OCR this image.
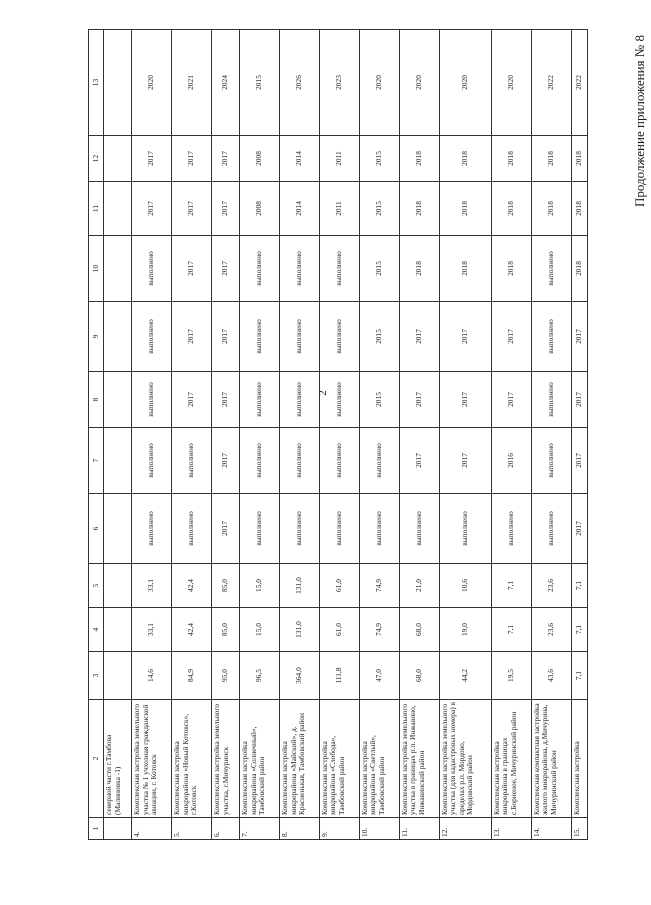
2
Продолжение приложения № 8
1	2	3	4	5	6	7	8	9	10	11	12	13
	северной части г.Тамбова (Малиновка -1)											
4.	Комплексная застройка земельного участка № 1 учхозная гражданской авиации, г. Котовск	14,6	33,1	33,1	выполнено	выполнено	выполнено	выполнено	выполнено	2017	2017	2020
5.	Комплексная застройка микрорайона «Новый Котовск», г.Котовск	84,9	42,4	42,4	выполнено	выполнено	2017	2017	2017	2017	2017	2021
6.	Комплексная застройка земельного участка, г.Мичуринск	95,0	85,0	85,0	2017	2017	2017	2017	2017	2017	2017	2024
7.	Комплексная застройка микрорайона «Солнечный», Тамбовский район	96,5	15,0	15,0	выполнено	выполнено	выполнено	выполнено	выполнено	2008	2008	2015
8.	Комплексная застройка микрорайона «Майский», д. Красненькая, Тамбовский район	364,0	131,0	131,0	выполнено	выполнено	выполнено	выполнено	выполнено	2014	2014	2026
9.	Комплексная застройка микрорайона «Слобода», Тамбовский район	111,8	61,0	61,0	выполнено	выполнено	выполнено	выполнено	выполнено	2011	2011	2023
10.	Комплексная застройка микрорайона «Светлый», Тамбовский район	47,0	74,9	74,9	выполнено	выполнено	2015	2015	2015	2015	2015	2020
11.	Комплексная застройка земельного участка в границах р.п. Инжавино, Инжавинский район	68,0	68,0	21,0	выполнено	2017	2017	2017	2018	2018	2018	2020
12.	Комплексная застройка земельного участка (для кадастровых номера) в пределах р.п. Мордово, Мордовский район	44,2	19,0	10,6	выполнено	2017	2017	2017	2018	2018	2018	2020
13.	Комплексная застройка микрорайона в границах с.Бориеное, Мичуринский район	19,5	7,1	7,1	выполнено	2016	2017	2017	2018	2018	2018	2020
14.	Комплексная компактная застройка жилого микрорайона, д.Мичурина, Мичуринский район	43,6	23,6	23,6	выполнено	выполнено	выполнено	выполнено	выполнено	2018	2018	2022
15.	Комплексная застройка	7,1	7,1	7,1	2017	2017	2017	2017	2018	2018	2018	2022
